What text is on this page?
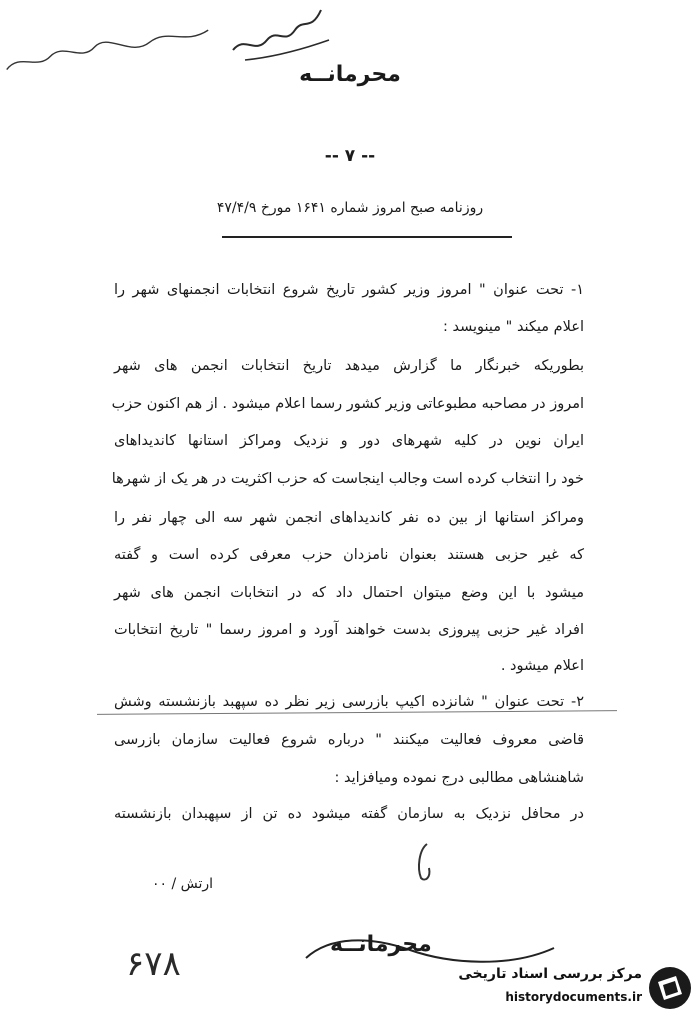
محرمانــه
-- ۷ --
روزنامه صبح امروز شماره ۱۶۴۱ مورخ ۴۷/۴/۹
۱- تحت عنوان " امروز وزیر کشور تاریخ شروع انتخابات انجمنهای شهر را
اعلام میکند " مینویسد :
بطوریکه خبرنگار ما گزارش میدهد تاریخ انتخابات انجمن های شهر
امروز در مصاحبه مطبوعاتی وزیر کشور رسما اعلام میشود . از هم اکنون حزب
ایران نوین در کلیه شهرهای دور و نزدیک ومراکز استانها کاندیداهای
خود را انتخاب کرده است وجالب اینجاست که حزب اکثریت در هر یک از شهرها
ومراکز استانها از بین ده نفر کاندیداهای انجمن شهر سه الی چهار نفر را
که غیر حزبی هستند بعنوان نامزدان حزب معرفی کرده است و گفته
میشود با این وضع میتوان احتمال داد که در انتخابات انجمن های شهر
افراد غیر حزبی پیروزی بدست خواهند آورد و امروز رسما " تاریخ انتخابات
اعلام میشود .
۲- تحت عنوان " شانزده اکیپ بازرسی زیر نظر ده سپهبد بازنشسته وشش
قاضی معروف فعالیت میکنند " درباره شروع فعالیت سازمان بازرسی
شاهنشاهی مطالبی درج نموده ومیافزاید :
در محافل نزدیک به سازمان گفته میشود ده تن از سپهبدان بازنشسته

ارتش / ۰۰
۶۷۸	محرمانــه
مرکز بررسی اسناد تاریخی
historydocuments.ir
